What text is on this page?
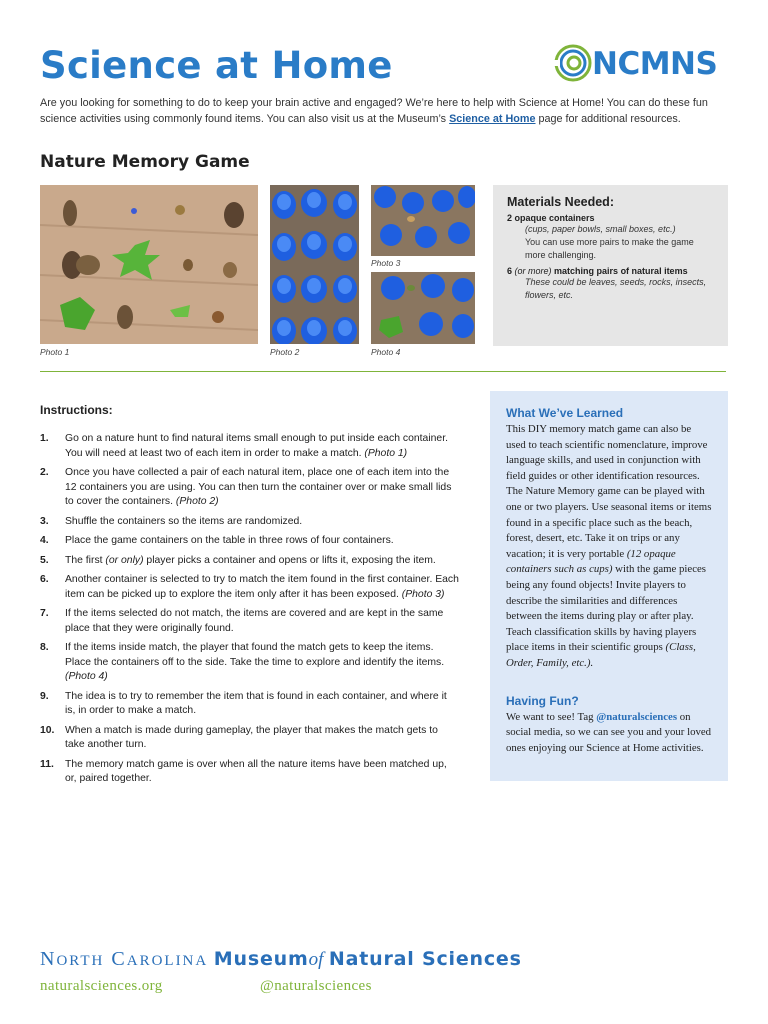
Science at Home	NCMNS
Are you looking for something to do to keep your brain active and engaged? We’re here to help with Science at Home! You can do these fun science activities using commonly found items. You can also visit us at the Museum’s Science at Home page for additional resources.
Nature Memory Game
Photo 1	Photo 2
Photo 3
Photo 4
Materials Needed:
2 opaque containers
(cups, paper bowls, small boxes, etc.)
You can use more pairs to make the game more challenging.
6 (or more) matching pairs of natural items
These could be leaves, seeds, rocks, insects, flowers, etc.
Instructions:
1. Go on a nature hunt to find natural items small enough to put inside each container. You will need at least two of each item in order to make a match. (Photo 1)
2. Once you have collected a pair of each natural item, place one of each item into the 12 containers you are using. You can then turn the container over or make small lids to cover the containers. (Photo 2)
3. Shuffle the containers so the items are randomized.
4. Place the game containers on the table in three rows of four containers.
5. The first (or only) player picks a container and opens or lifts it, exposing the item.
6. Another container is selected to try to match the item found in the first container. Each item can be picked up to explore the item only after it has been exposed. (Photo 3)
7. If the items selected do not match, the items are covered and are kept in the same place that they were originally found.
8. If the items inside match, the player that found the match gets to keep the items. Place the containers off to the side. Take the time to explore and identify the items. (Photo 4)
9. The idea is to try to remember the item that is found in each container, and where it is, in order to make a match.
10. When a match is made during gameplay, the player that makes the match gets to take another turn.
11. The memory match game is over when all the nature items have been matched up, or, paired together.
What We’ve Learned

This DIY memory match game can also be used to teach scientific nomenclature, improve language skills, and used in conjunction with field guides or other identification resources. The Nature Memory game can be played with one or two players. Use seasonal items or items found in a specific place such as the beach, forest, desert, etc. Take it on trips or any vacation; it is very portable (12 opaque containers such as cups) with the game pieces being any found objects! Invite players to describe the similarities and differences between the items during play or after play. Teach classification skills by having players place items in their scientific groups (Class, Order, Family, etc.).

Having Fun?

We want to see! Tag @naturalsciences on social media, so we can see you and your loved ones enjoying our Science at Home activities.

NORTH CAROLINA Museumof Natural Sciences
naturalsciences.org	@naturalsciences
